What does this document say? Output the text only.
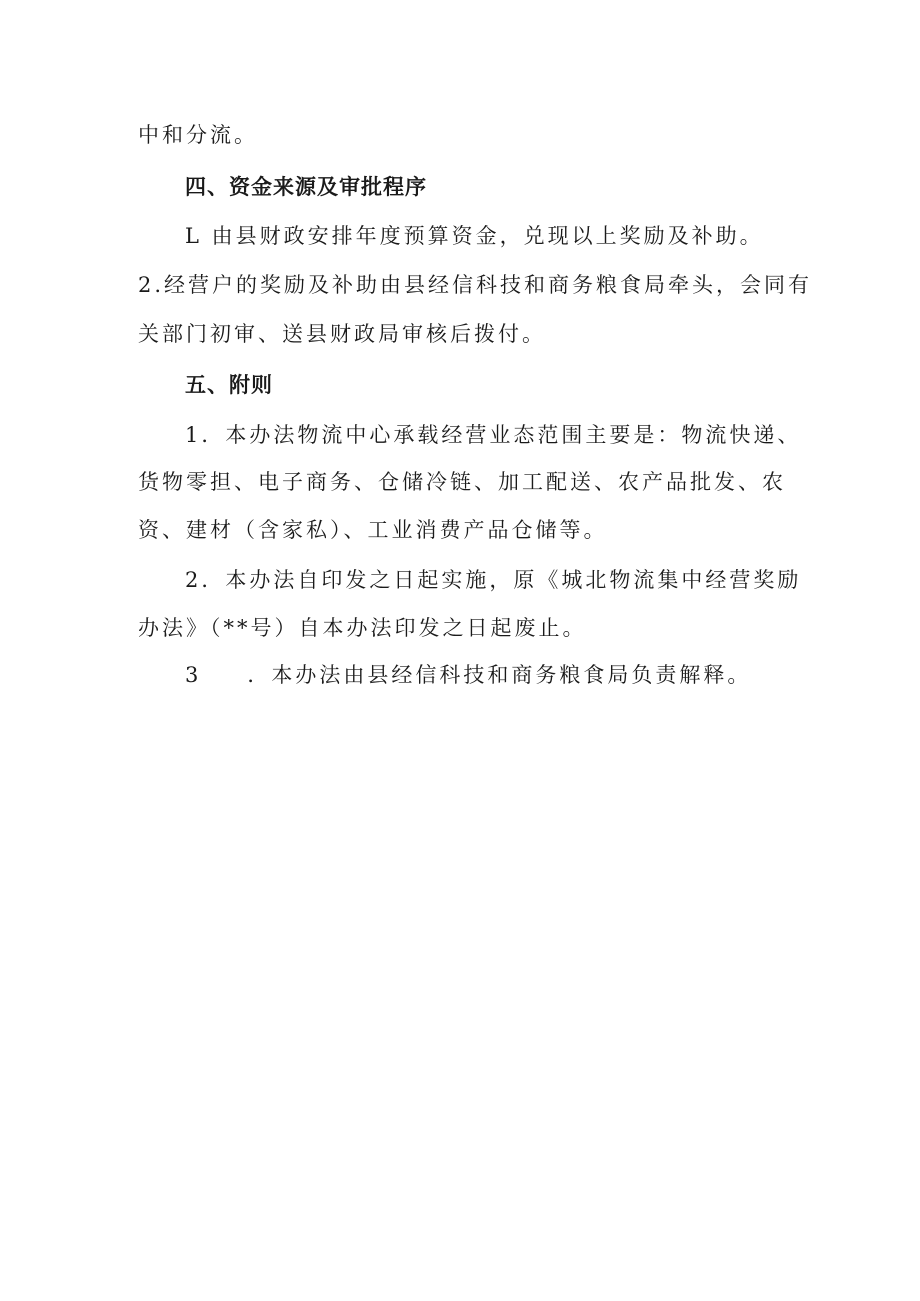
中和分流。
四、资金来源及审批程序
L 由县财政安排年度预算资金，兑现以上奖励及补助。
2.经营户的奖励及补助由县经信科技和商务粮食局牵头，会同有
关部门初审、送县财政局审核后拨付。
五、附则
1．本办法物流中心承载经营业态范围主要是：物流快递、
货物零担、电子商务、仓储冷链、加工配送、农产品批发、农
资、建材（含家私）、工业消费产品仓储等。
2．本办法自印发之日起实施，原《城北物流集中经营奖励
办法》（**号）自本办法印发之日起废止。
3 ．本办法由县经信科技和商务粮食局负责解释。
